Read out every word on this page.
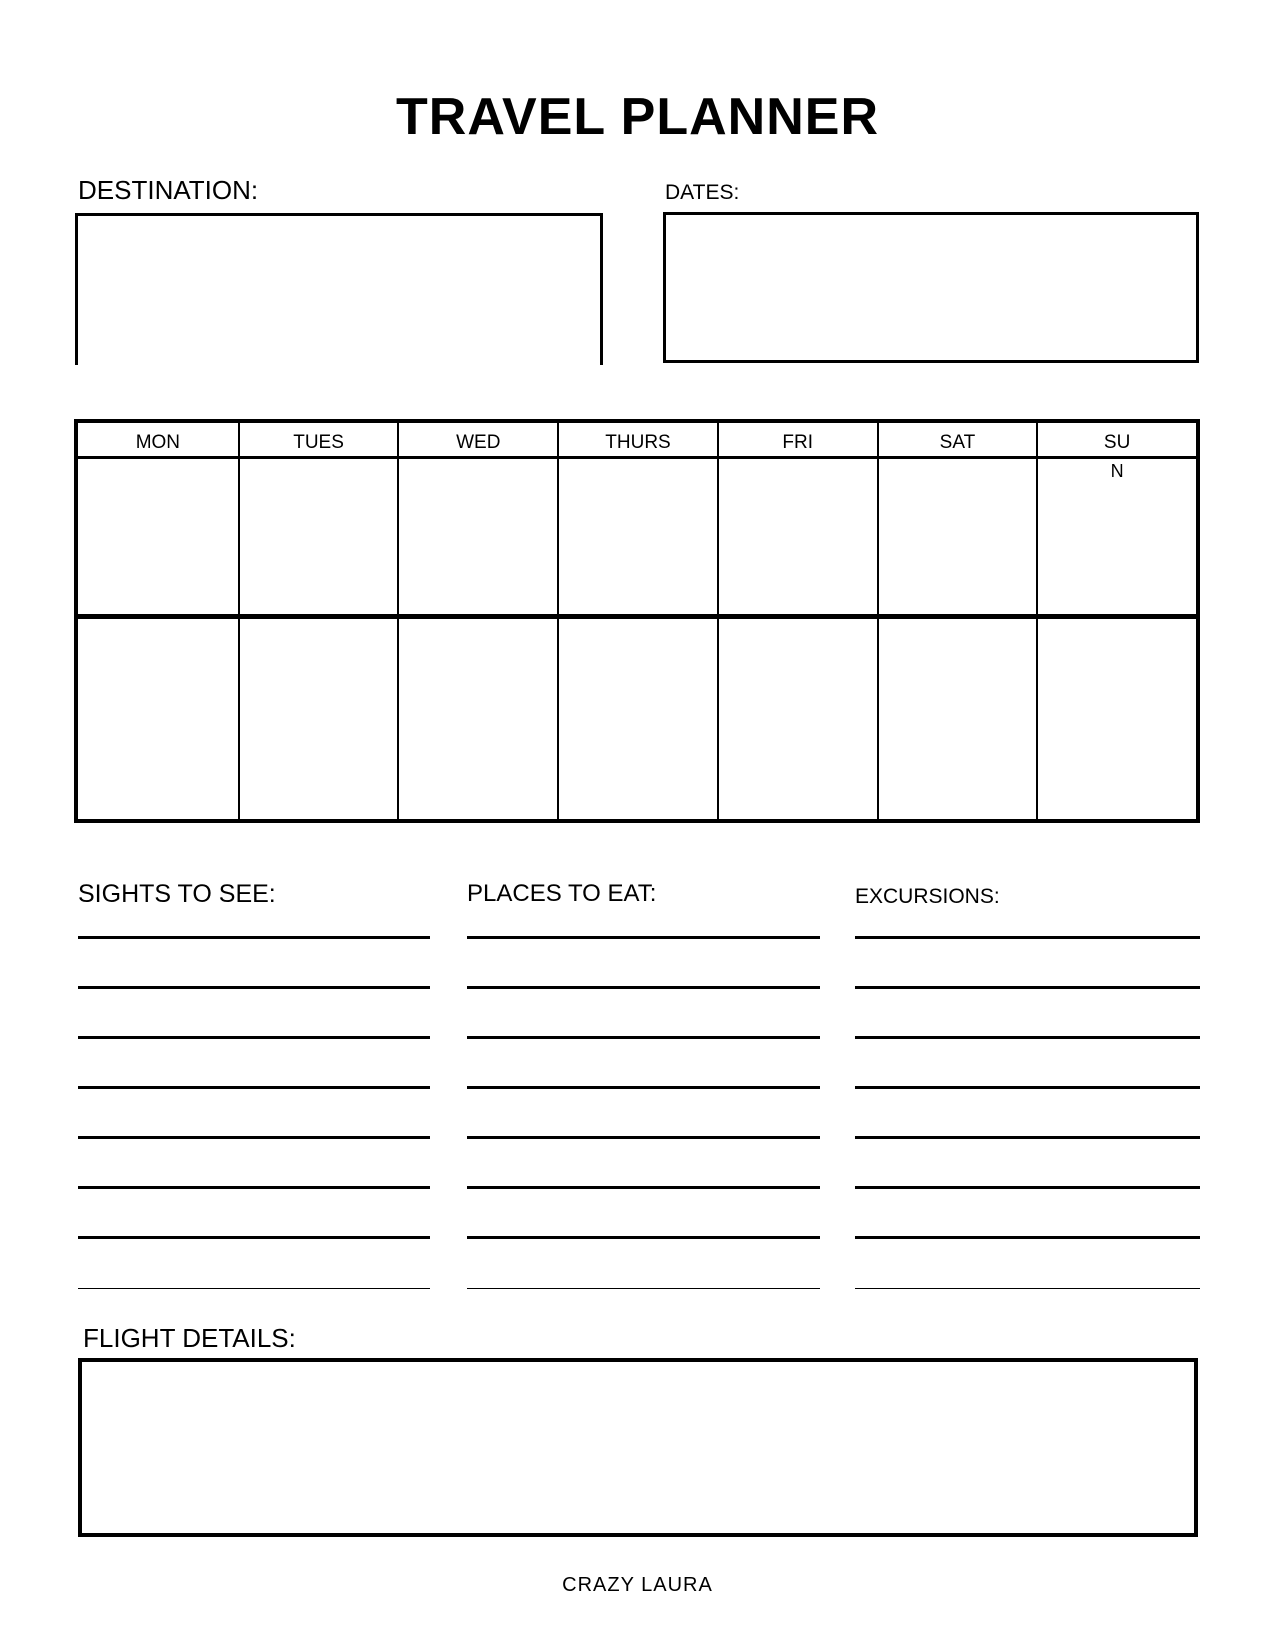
TRAVEL PLANNER
DESTINATION:	DATES:
MON	TUES	WED	THURS	FRI	SAT	SU
N
SIGHTS TO SEE:	PLACES TO EAT:	EXCURSIONS:
FLIGHT DETAILS:
CRAZY LAURA
